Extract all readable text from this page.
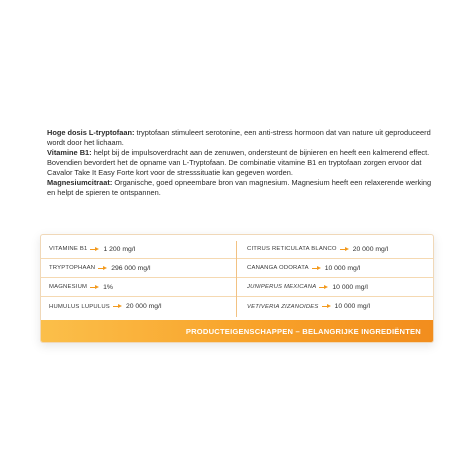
Hoge dosis L-tryptofaan: tryptofaan stimuleert serotonine, een anti-stress hormoon dat van nature uit geproduceerd wordt door het lichaam.

Vitamine B1: helpt bij de impulsoverdracht aan de zenuwen, ondersteunt de bijnieren en heeft een kalmerend effect. Bovendien bevordert het de opname van L-Tryptofaan. De combinatie vitamine B1 en tryptofaan zorgen ervoor dat Cavalor Take It Easy Forte kort voor de stresssituatie kan gegeven worden.

Magnesiumcitraat: Organische, goed opneembare bron van magnesium. Magnesium heeft een relaxerende werking en helpt de spieren te ontspannen.

VITAMINE B1 1 200 mg/l
TRYPTOPHAAN 296 000 mg/l
MAGNESIUM 1%
HUMULUS LUPULUS 20 000 mg/l
CITRUS RETICULATA BLANCO 20 000 mg/l
CANANGA ODORATA 10 000 mg/l
JUNIPERUS MEXICANA 10 000 mg/l
VETIVERIA ZIZANOIDES 10 000 mg/l
PRODUCTEIGENSCHAPPEN – BELANGRIJKE INGREDIËNTEN
